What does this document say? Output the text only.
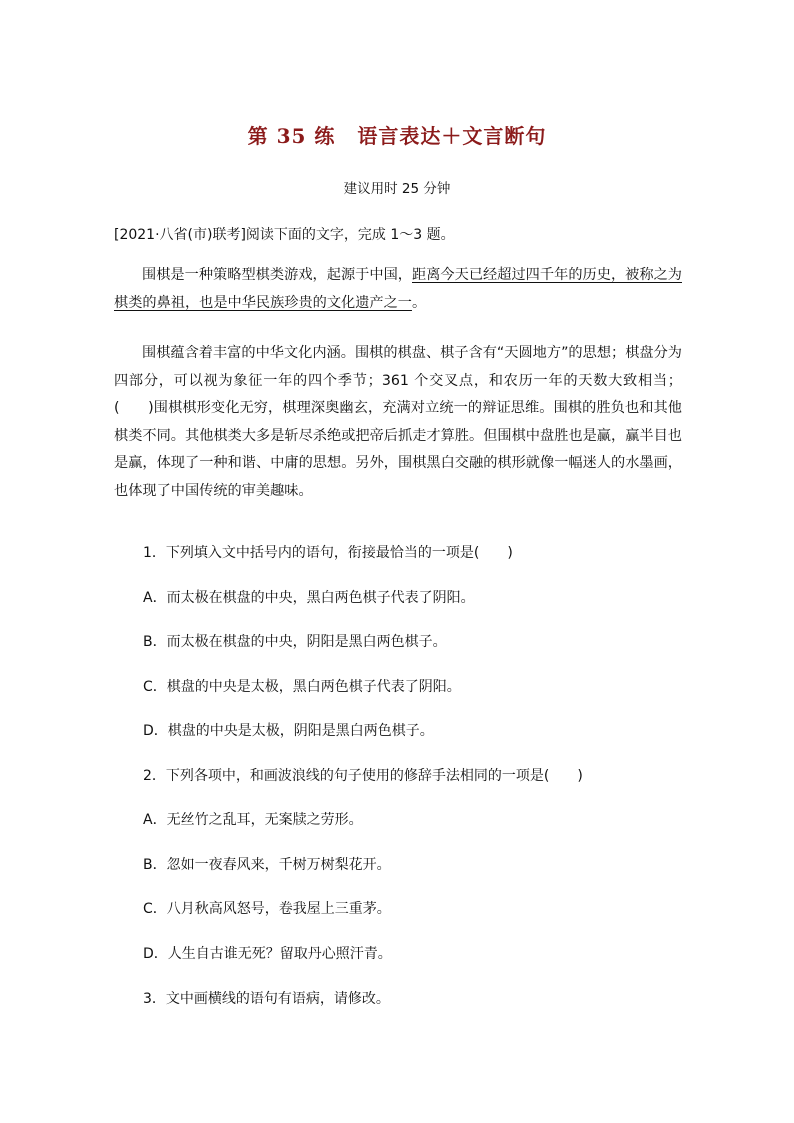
第 35 练 语言表达＋文言断句
建议用时 25 分钟
[2021·八省(市)联考]阅读下面的文字，完成 1～3 题。
围棋是一种策略型棋类游戏，起源于中国，距离今天已经超过四千年的历史，被称之为棋类的鼻祖，也是中华民族珍贵的文化遗产之一。
围棋蕴含着丰富的中华文化内涵。围棋的棋盘、棋子含有“天圆地方”的思想；棋盘分为四部分，可以视为象征一年的四个季节；361 个交叉点，和农历一年的天数大致相当；(　　)围棋棋形变化无穷，棋理深奥幽玄，充满对立统一的辩证思维。围棋的胜负也和其他棋类不同。其他棋类大多是斩尽杀绝或把帝后抓走才算胜。但围棋中盘胜也是赢，赢半目也是赢，体现了一种和谐、中庸的思想。另外，围棋黑白交融的棋形就像一幅迷人的水墨画，也体现了中国传统的审美趣味。
1．下列填入文中括号内的语句，衔接最恰当的一项是(　　)
A．而太极在棋盘的中央，黑白两色棋子代表了阴阳。
B．而太极在棋盘的中央，阴阳是黑白两色棋子。
C．棋盘的中央是太极，黑白两色棋子代表了阴阳。
D．棋盘的中央是太极，阴阳是黑白两色棋子。
2．下列各项中，和画波浪线的句子使用的修辞手法相同的一项是(　　)
A．无丝竹之乱耳，无案牍之劳形。
B．忽如一夜春风来，千树万树梨花开。
C．八月秋高风怒号，卷我屋上三重茅。
D．人生自古谁无死？留取丹心照汗青。
3．文中画横线的语句有语病，请修改。
